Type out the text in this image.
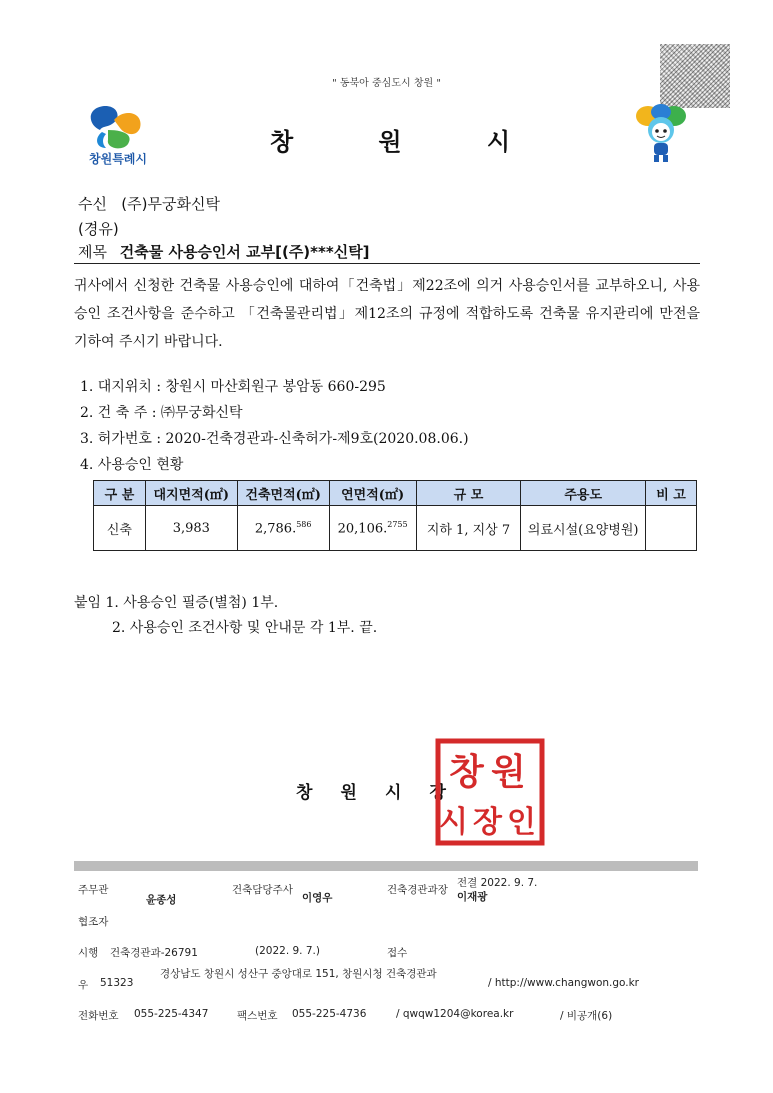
" 동북아 중심도시 창원 "
창원특례시
창	원	시
수신 (주)무궁화신탁
(경유)
제목 건축물 사용승인서 교부[(주)***신탁]
귀사에서 신청한 건축물 사용승인에 대하여「건축법」제22조에 의거 사용승인서를 교부하오니, 사용승인 조건사항을 준수하고 「건축물관리법」제12조의 규정에 적합하도록 건축물 유지관리에 만전을 기하여 주시기 바랍니다.
1. 대지위치 : 창원시 마산회원구 봉암동 660-295
2. 건 축 주 : ㈜무궁화신탁
3. 허가번호 : 2020-건축경관과-신축허가-제9호(2020.08.06.)
4. 사용승인 현황
구 분	대지면적(㎡)	건축면적(㎡)	연면적(㎡)	규 모	주용도	비 고
신축	3,983	2,786.$^{586}$	20,106.$^{2755}$	지하 1, 지상 7	의료시설(요양병원)	
붙임 1. 사용승인 필증(별첨) 1부.
2. 사용승인 조건사항 및 안내문 각 1부. 끝.
창 원 시 장 창 원
시 장 인
주무관
윤종성
건축담당주사
이영우
건축경관과장
전결 2022. 9. 7.
이재광
협조자
시행 건축경관과-26791	(2022. 9. 7.)	접수
우 51323
경상남도 창원시 성산구 중앙대로 151, 창원시청 건축경관과
/ http://www.changwon.go.kr
전화번호 055-225-4347	팩스번호 055-225-4736	/ qwqw1204@korea.kr	/ 비공개(6)
